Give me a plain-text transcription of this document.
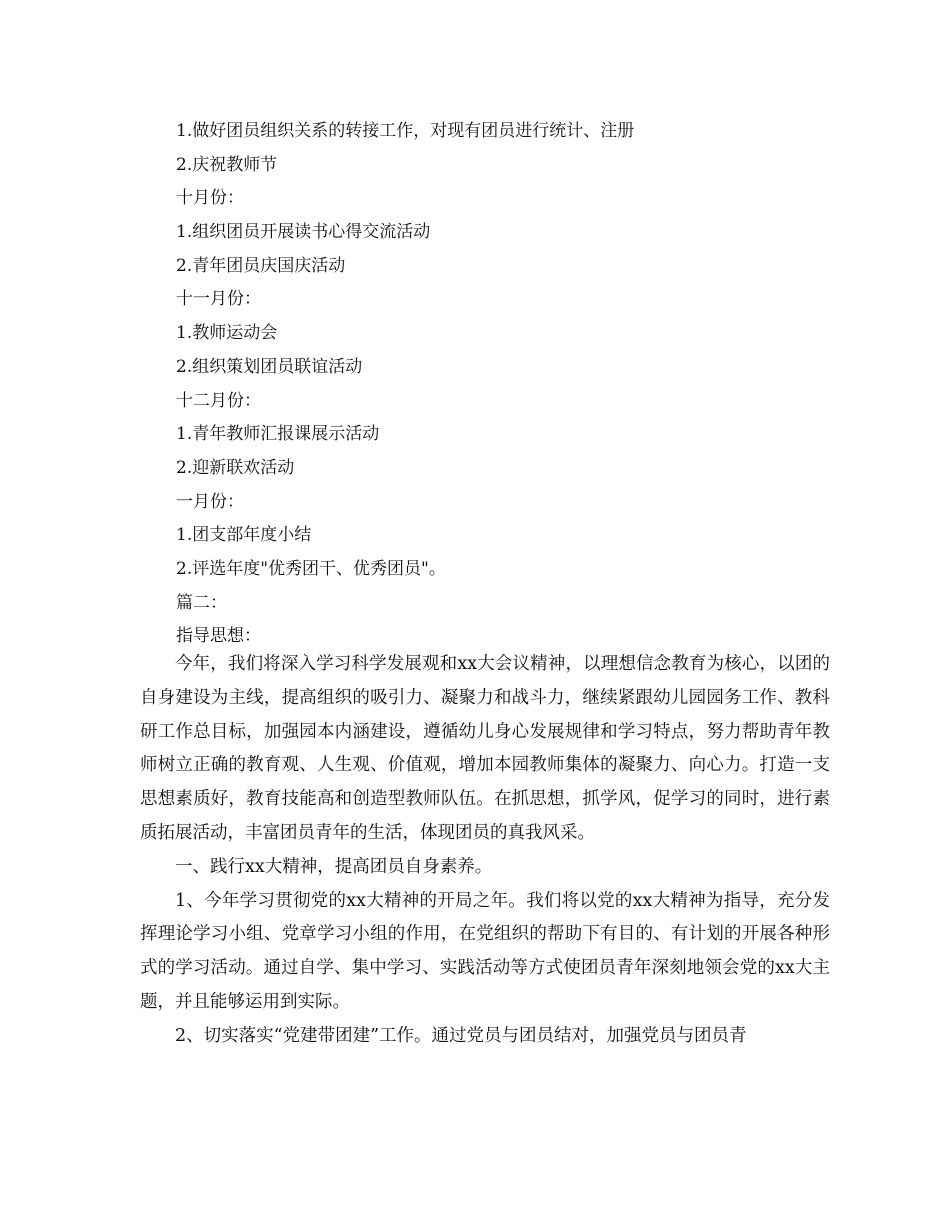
1.做好团员组织关系的转接工作，对现有团员进行统计、注册
2.庆祝教师节
十月份：
1.组织团员开展读书心得交流活动
2.青年团员庆国庆活动
十一月份：
1.教师运动会
2.组织策划团员联谊活动
十二月份：
1.青年教师汇报课展示活动
2.迎新联欢活动
一月份：
1.团支部年度小结
2.评选年度"优秀团干、优秀团员"。
篇二：
指导思想：

今年，我们将深入学习科学发展观和xx大会议精神，以理想信念教育为核心，以团的自身建设为主线，提高组织的吸引力、凝聚力和战斗力，继续紧跟幼儿园园务工作、教科研工作总目标，加强园本内涵建设，遵循幼儿身心发展规律和学习特点，努力帮助青年教师树立正确的教育观、人生观、价值观，增加本园教师集体的凝聚力、向心力。打造一支思想素质好，教育技能高和创造型教师队伍。在抓思想，抓学风，促学习的同时，进行素质拓展活动，丰富团员青年的生活，体现团员的真我风采。

一、践行xx大精神，提高团员自身素养。

1、今年学习贯彻党的xx大精神的开局之年。我们将以党的xx大精神为指导，充分发挥理论学习小组、党章学习小组的作用，在党组织的帮助下有目的、有计划的开展各种形式的学习活动。通过自学、集中学习、实践活动等方式使团员青年深刻地领会党的xx大主题，并且能够运用到实际。

2、切实落实“党建带团建”工作。通过党员与团员结对，加强党员与团员青
